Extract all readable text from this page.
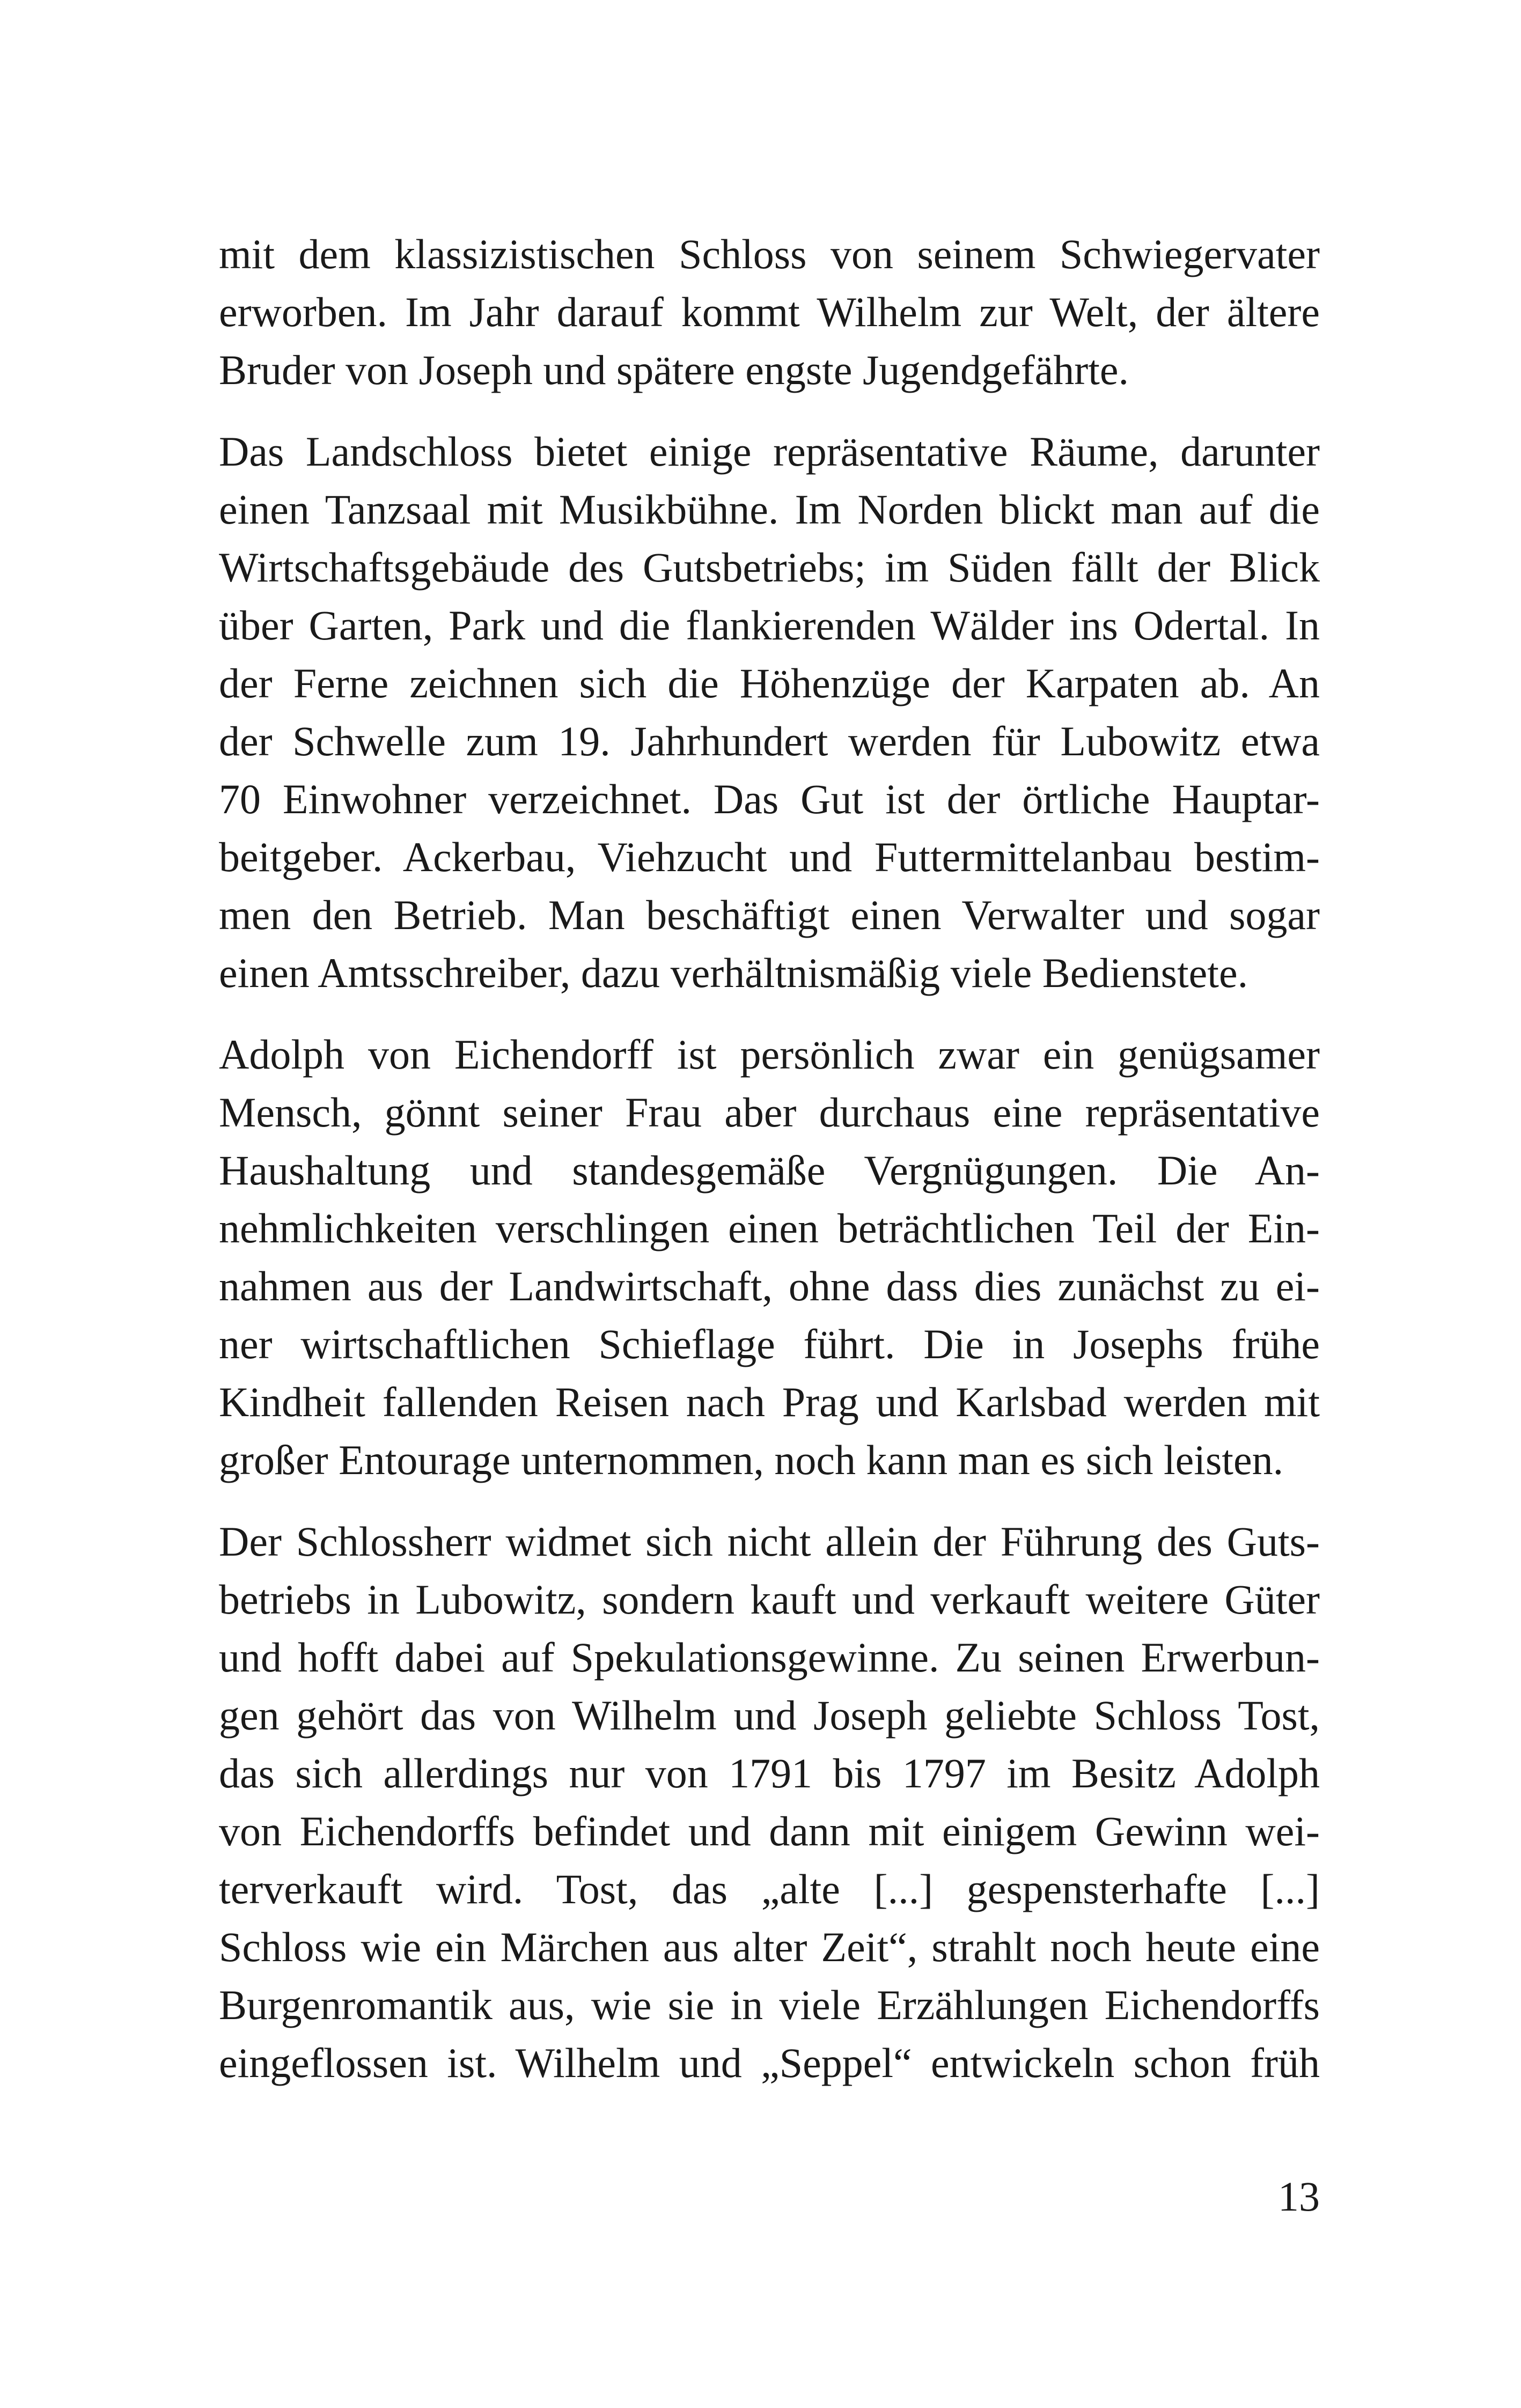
mit dem klassizistischen Schloss von seinem Schwiegervater
erworben. Im Jahr darauf kommt Wilhelm zur Welt, der ältere
Bruder von Joseph und spätere engste Jugendgefährte.
Das Landschloss bietet einige repräsentative Räume, darunter
einen Tanzsaal mit Musikbühne. Im Norden blickt man auf die
Wirtschaftsgebäude des Gutsbetriebs; im Süden fällt der Blick
über Garten, Park und die flankierenden Wälder ins Odertal. In
der Ferne zeichnen sich die Höhenzüge der Karpaten ab. An
der Schwelle zum 19. Jahrhundert werden für Lubowitz etwa
70 Einwohner verzeichnet. Das Gut ist der örtliche Hauptar-
beitgeber. Ackerbau, Viehzucht und Futtermittelanbau bestim-
men den Betrieb. Man beschäftigt einen Verwalter und sogar
einen Amtsschreiber, dazu verhältnismäßig viele Bedienstete.
Adolph von Eichendorff ist persönlich zwar ein genügsamer
Mensch, gönnt seiner Frau aber durchaus eine repräsentative
Haushaltung und standesgemäße Vergnügungen. Die An-
nehmlichkeiten verschlingen einen beträchtlichen Teil der Ein-
nahmen aus der Landwirtschaft, ohne dass dies zunächst zu ei-
ner wirtschaftlichen Schieflage führt. Die in Josephs frühe
Kindheit fallenden Reisen nach Prag und Karlsbad werden mit
großer Entourage unternommen, noch kann man es sich leisten.
Der Schlossherr widmet sich nicht allein der Führung des Guts-
betriebs in Lubowitz, sondern kauft und verkauft weitere Güter
und hofft dabei auf Spekulationsgewinne. Zu seinen Erwerbun-
gen gehört das von Wilhelm und Joseph geliebte Schloss Tost,
das sich allerdings nur von 1791 bis 1797 im Besitz Adolph
von Eichendorffs befindet und dann mit einigem Gewinn wei-
terverkauft wird. Tost, das „alte [...] gespensterhafte [...]
Schloss wie ein Märchen aus alter Zeit“, strahlt noch heute eine
Burgenromantik aus, wie sie in viele Erzählungen Eichendorffs
eingeflossen ist. Wilhelm und „Seppel“ entwickeln schon früh
13
